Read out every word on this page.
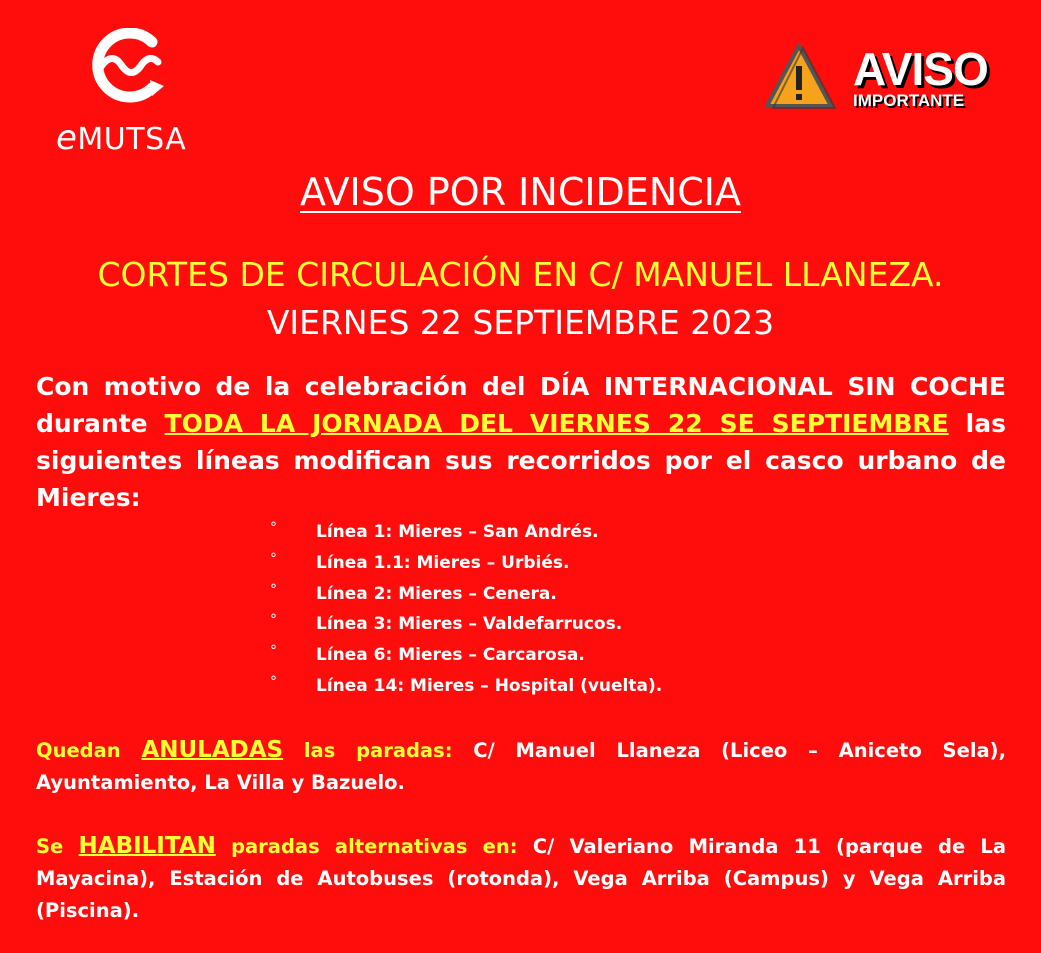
eMUTSA
AVISO
IMPORTANTE
AVISO POR INCIDENCIA
CORTES DE CIRCULACIÓN EN C/ MANUEL LLANEZA.
VIERNES 22 SEPTIEMBRE 2023
Con motivo de la celebración del DÍA INTERNACIONAL SIN COCHE durante TODA LA JORNADA DEL VIERNES 22 SE SEPTIEMBRE las siguientes líneas modifican sus recorridos por el casco urbano de Mieres:
° Línea 1: Mieres – San Andrés.
° Línea 1.1: Mieres – Urbiés.
° Línea 2: Mieres – Cenera.
° Línea 3: Mieres – Valdefarrucos.
° Línea 6: Mieres – Carcarosa.
° Línea 14: Mieres – Hospital (vuelta).
Quedan ANULADAS las paradas: C/ Manuel Llaneza (Liceo – Aniceto Sela), Ayuntamiento, La Villa y Bazuelo.
Se HABILITAN paradas alternativas en: C/ Valeriano Miranda 11 (parque de La Mayacina), Estación de Autobuses (rotonda), Vega Arriba (Campus) y Vega Arriba (Piscina).
